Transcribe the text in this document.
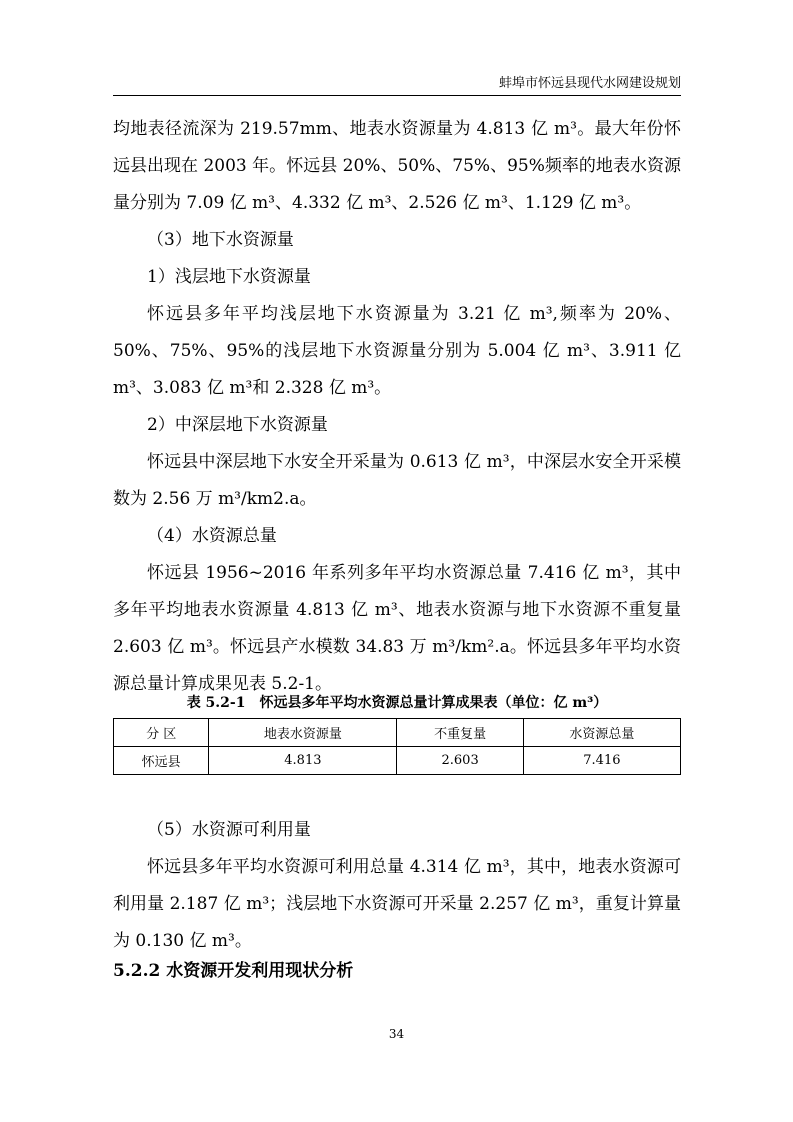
蚌埠市怀远县现代水网建设规划

均地表径流深为 219.57mm、地表水资源量为 4.813 亿 m³。最大年份怀远县出现在 2003 年。怀远县 20%、50%、75%、95%频率的地表水资源量分别为 7.09 亿 m³、4.332 亿 m³、2.526 亿 m³、1.129 亿 m³。

（3）地下水资源量

1）浅层地下水资源量

怀远县多年平均浅层地下水资源量为 3.21 亿 m³,频率为 20%、50%、75%、95%的浅层地下水资源量分别为 5.004 亿 m³、3.911 亿 m³、3.083 亿 m³和 2.328 亿 m³。

2）中深层地下水资源量

怀远县中深层地下水安全开采量为 0.613 亿 m³，中深层水安全开采模数为 2.56 万 m³/km2.a。

（4）水资源总量

怀远县 1956~2016 年系列多年平均水资源总量 7.416 亿 m³，其中多年平均地表水资源量 4.813 亿 m³、地表水资源与地下水资源不重复量 2.603 亿 m³。怀远县产水模数 34.83 万 m³/km².a。怀远县多年平均水资源总量计算成果见表 5.2-1。

表 5.2-1　怀远县多年平均水资源总量计算成果表（单位：亿 m³）
分 区	地表水资源量	不重复量	水资源总量
怀远县	4.813	2.603	7.416

（5）水资源可利用量

怀远县多年平均水资源可利用总量 4.314 亿 m³，其中，地表水资源可利用量 2.187 亿 m³；浅层地下水资源可开采量 2.257 亿 m³，重复计算量为 0.130 亿 m³。

5.2.2 水资源开发利用现状分析
34
